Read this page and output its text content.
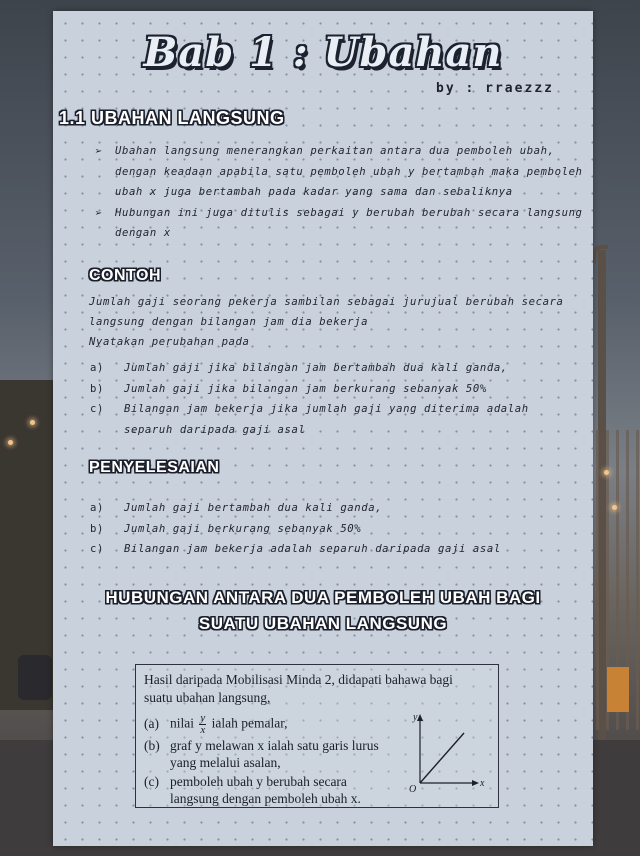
Bab 1 : Ubahan
by : rraezzz
1.1 UBAHAN LANGSUNG
➢ Ubahan langsung menerangkan perkaitan antara dua pemboleh ubah, dengan keadaan apabila satu pemboleh ubah y bertambah maka pemboleh ubah x juga bertambah pada kadar yang sama dan sebaliknya
➢ Hubungan ini juga ditulis sebagai y berubah berubah secara langsung dengan x
CONTOH
Jumlah gaji seorang pekerja sambilan sebagai jurujual berubah secara
langsung dengan bilangan jam dia bekerja
Nyatakan perubahan pada
a)	Jumlah gaji jika bilangan jam bertambah dua kali ganda,
b)	Jumlah gaji jika bilangan jam berkurang sebanyak 50%
c)	Bilangan jam bekerja jika jumlah gaji yang diterima adalah separuh daripada gaji asal
PENYELESAIAN
a)	Jumlah gaji bertambah dua kali ganda,
b)	Jumlah gaji berkurang sebanyak 50%
c)	Bilangan jam bekerja adalah separuh daripada gaji asal
HUBUNGAN ANTARA DUA PEMBOLEH UBAH BAGI SUATU UBAHAN LANGSUNG
Hasil daripada Mobilisasi Minda 2, didapati bahawa bagi suatu ubahan langsung,
(a) nilai $\frac{y}{x}$ ialah pemalar,
(b) graf y melawan x ialah satu garis lurus
yang melalui asalan,
(c) pemboleh ubah y berubah secara
langsung dengan pemboleh ubah x.
y
x
O
